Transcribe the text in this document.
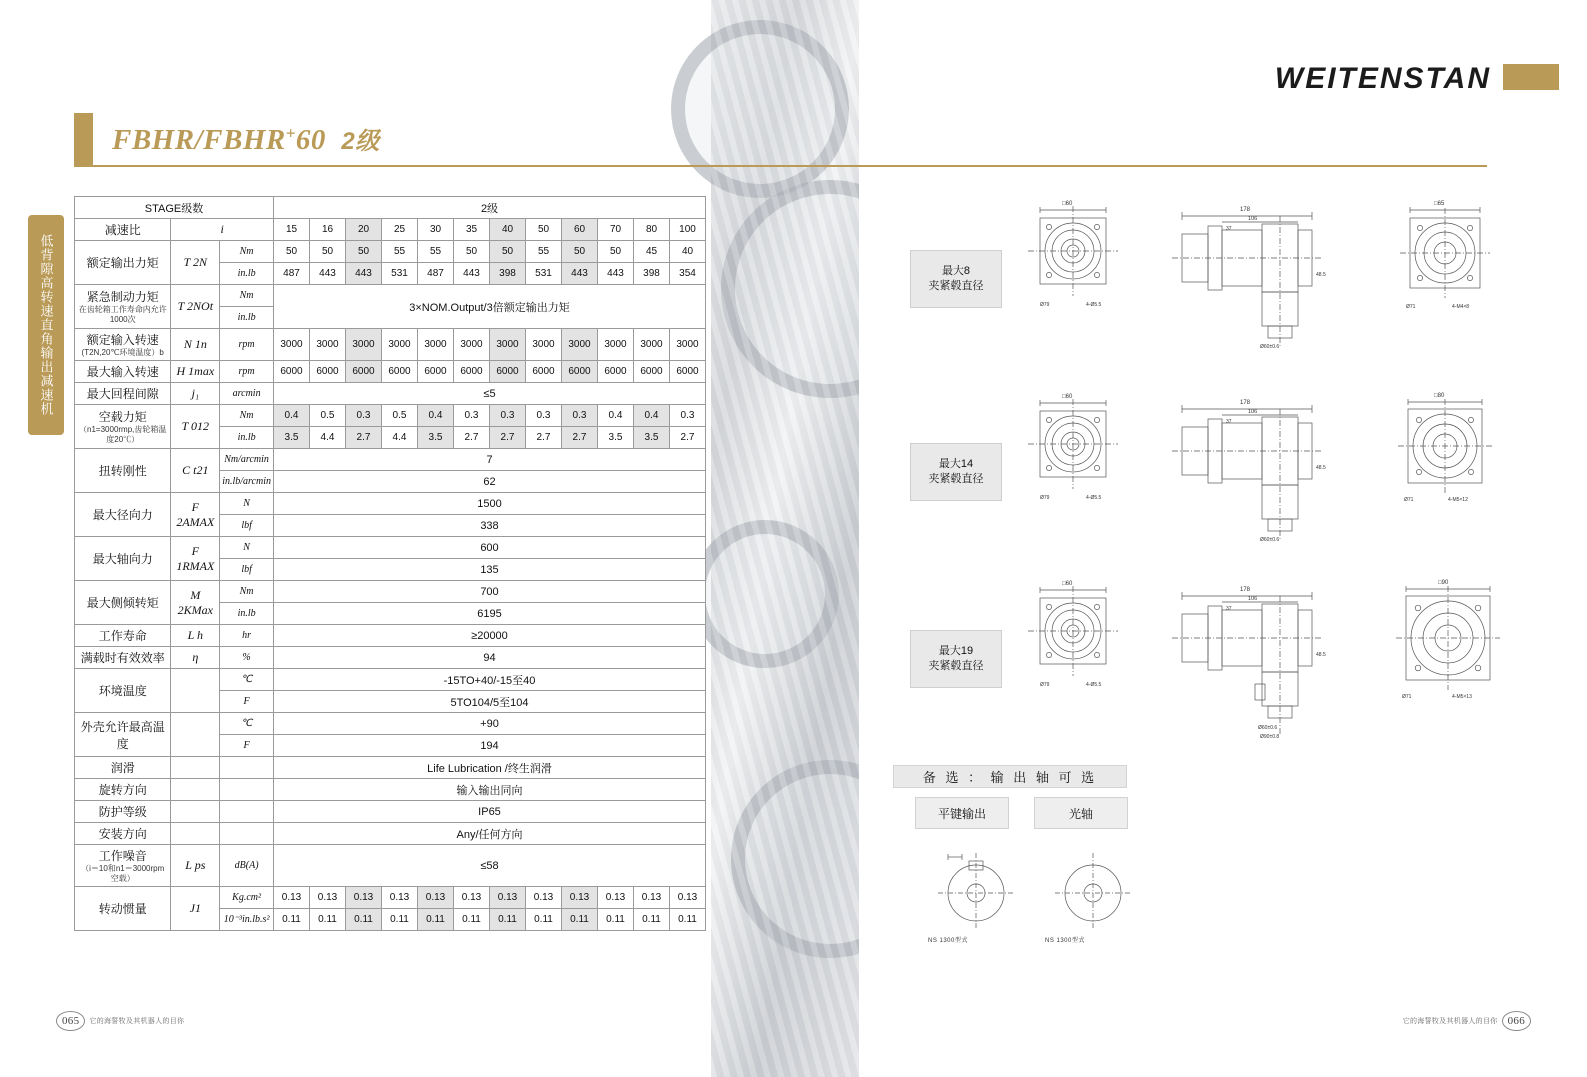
WEITENSTAN
低背隙高转速直角输出减速机
FBHR/FBHR+60 2级
STAGE级数			2级											
减速比	i		15	16	20	25	30	35	40	50	60	70	80	100
额定输出力矩	T 2N	Nm	50	50	50	55	55	50	50	55	50	50	45	40
		in.lb	487	443	443	531	487	443	398	531	443	443	398	354
紧急制动力矩
在齿轮箱工作寿命内允许1000次	T 2NOt	Nm	3×NOM.Output/3倍额定输出力矩											
		in.lb												
额定输入转速
(T2N,20℃环境温度）b	N 1n	rpm	3000	3000	3000	3000	3000	3000	3000	3000	3000	3000	3000	3000
最大输入转速	H 1max	rpm	6000	6000	6000	6000	6000	6000	6000	6000	6000	6000	6000	6000
最大回程间隙	j₁	arcmin	≤5											
空载力矩
（n1=3000rmp,齿轮箱温度20℃）	T 012	Nm	0.4	0.5	0.3	0.5	0.4	0.3	0.3	0.3	0.3	0.4	0.4	0.3
		in.lb	3.5	4.4	2.7	4.4	3.5	2.7	2.7	2.7	2.7	3.5	3.5	2.7
扭转刚性	C t21	Nm/arcmin	7											
		in.lb/arcmin	62											
最大径向力	F 2AMAX	N	1500											
		lbf	338											
最大轴向力	F 1RMAX	N	600											
		lbf	135											
最大侧倾转矩	M 2KMax	Nm	700											
		in.lb	6195											
工作寿命	L h	hr	≥20000											
满载时有效效率	η	%	94											
环境温度		℃	-15TO+40/-15至40											
		F	5TO104/5至104											
外壳允许最高温度		℃	+90											
		F	194											
润滑			Life Lubrication /终生润滑											
旋转方向			输入输出同向											
防护等级			IP65											
安装方向			Any/任何方向											
工作噪音
（i＝10和n1＝3000rpm 空载）	L ps	dB(A)	≤58											
转动惯量	J1	Kg.cm²	0.13	0.13	0.13	0.13	0.13	0.13	0.13	0.13	0.13	0.13	0.13	0.13
		10⁻³in.lb.s²	0.11	0.11	0.11	0.11	0.11	0.11	0.11	0.11	0.11	0.11	0.11	0.11
最大8
夹紧毂直径
□60
Ø79	4-Ø5.5
178
106
37
48.5
Ø60±0.6
□65
Ø71	4-M4×8
最大14
夹紧毂直径
□60
Ø79	4-Ø5.5
178
106
37
48.5
Ø60±0.6
□80
Ø71	4-M5×12
最大19
夹紧毂直径
□60
Ø79	4-Ø5.5
178
106
37
48.5
Ø60±0.6
Ø90±0.8
□90
Ø71	4-M5×13
备 选 ： 输 出 轴 可 选
平键输出	光轴
NS 1300型式	NS 1300型式
065	它的海誓牧及其机器人的目你	它的海誓牧及其机器人的目你 066
